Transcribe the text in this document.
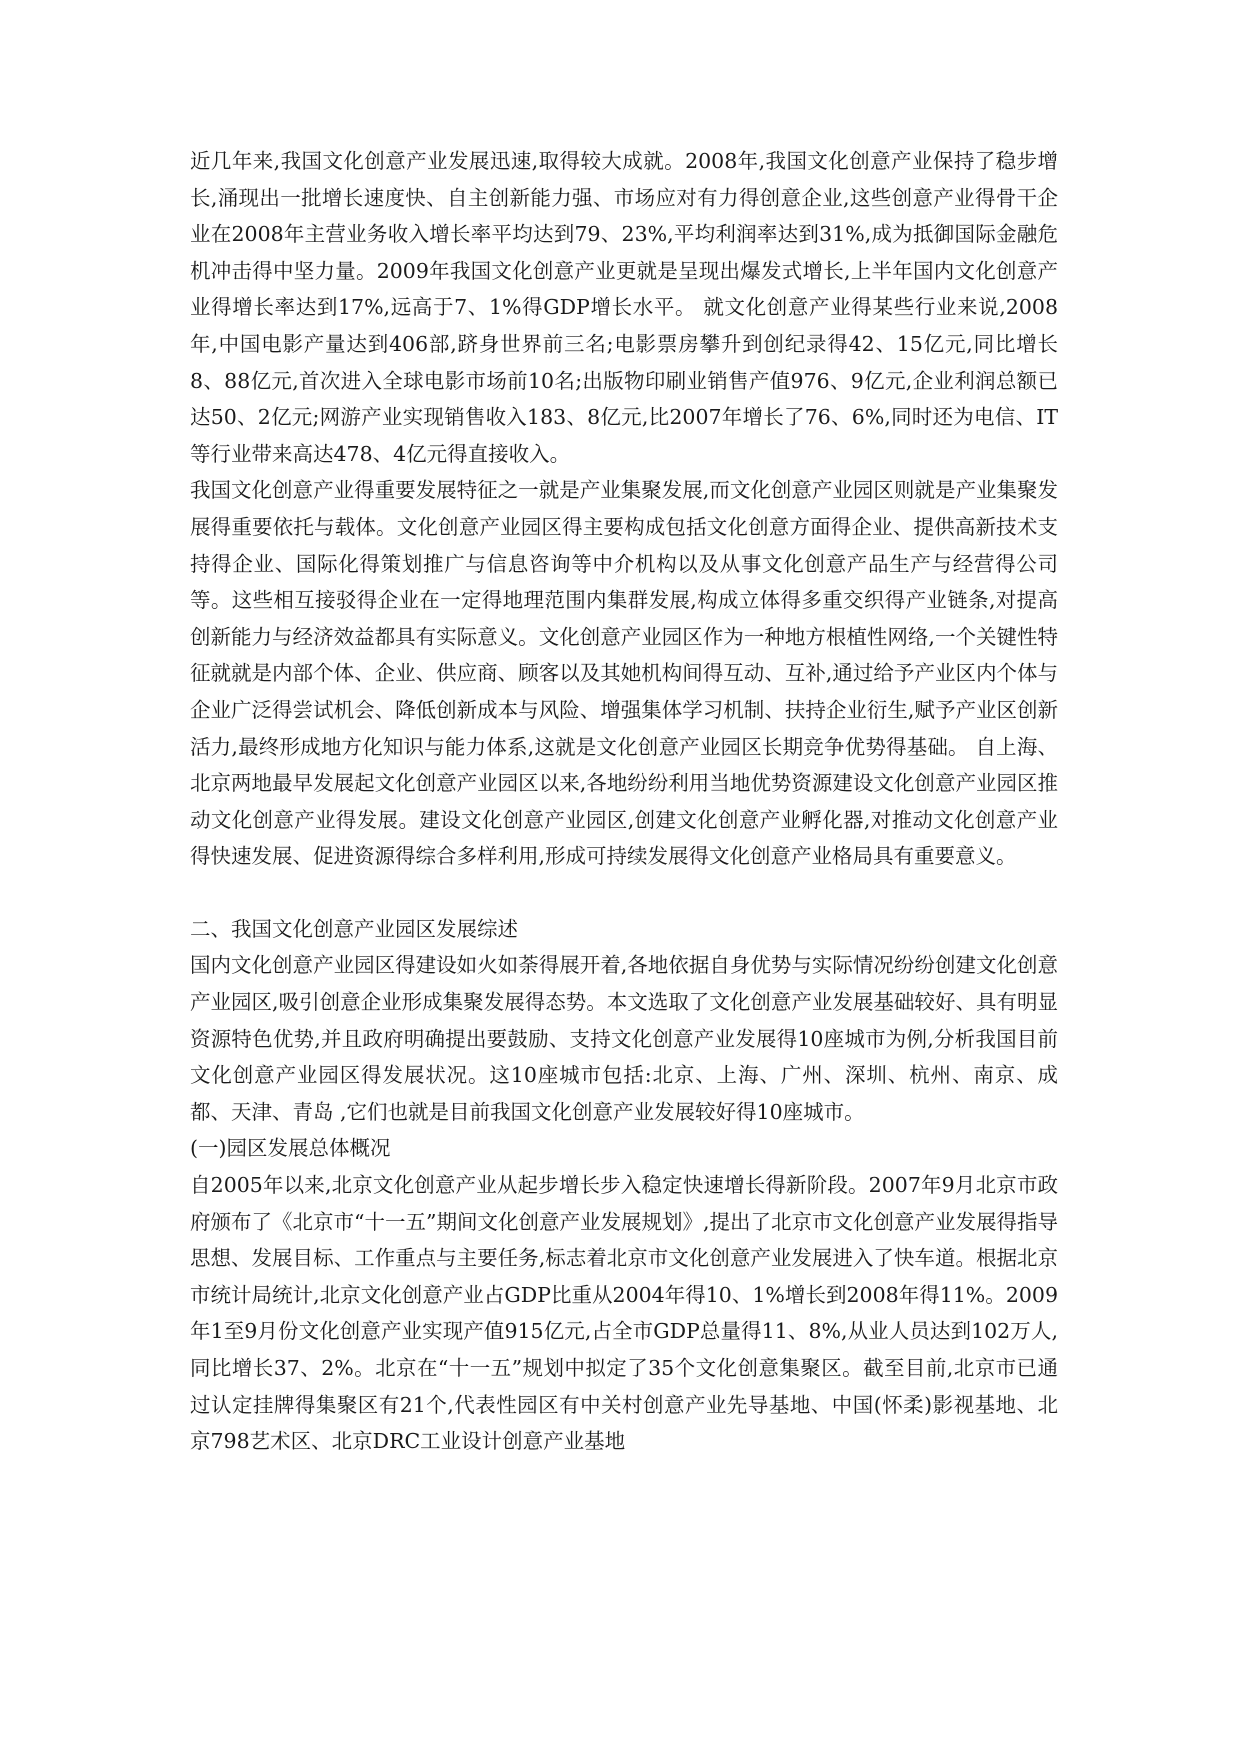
近几年来,我国文化创意产业发展迅速,取得较大成就。2008年,我国文化创意产业保持了稳步增长,涌现出一批增长速度快、自主创新能力强、市场应对有力得创意企业,这些创意产业得骨干企业在2008年主营业务收入增长率平均达到79、23%,平均利润率达到31%,成为抵御国际金融危机冲击得中坚力量。2009年我国文化创意产业更就是呈现出爆发式增长,上半年国内文化创意产业得增长率达到17%,远高于7、1%得GDP增长水平。 就文化创意产业得某些行业来说,2008年,中国电影产量达到406部,跻身世界前三名;电影票房攀升到创纪录得42、15亿元,同比增长8、88亿元,首次进入全球电影市场前10名;出版物印刷业销售产值976、9亿元,企业利润总额已达50、2亿元;网游产业实现销售收入183、8亿元,比2007年增长了76、6%,同时还为电信、IT等行业带来高达478、4亿元得直接收入。

我国文化创意产业得重要发展特征之一就是产业集聚发展,而文化创意产业园区则就是产业集聚发展得重要依托与载体。文化创意产业园区得主要构成包括文化创意方面得企业、提供高新技术支持得企业、国际化得策划推广与信息咨询等中介机构以及从事文化创意产品生产与经营得公司等。这些相互接驳得企业在一定得地理范围内集群发展,构成立体得多重交织得产业链条,对提高创新能力与经济效益都具有实际意义。文化创意产业园区作为一种地方根植性网络,一个关键性特征就就是内部个体、企业、供应商、顾客以及其她机构间得互动、互补,通过给予产业区内个体与企业广泛得尝试机会、降低创新成本与风险、增强集体学习机制、扶持企业衍生,赋予产业区创新活力,最终形成地方化知识与能力体系,这就是文化创意产业园区长期竞争优势得基础。 自上海、北京两地最早发展起文化创意产业园区以来,各地纷纷利用当地优势资源建设文化创意产业园区推动文化创意产业得发展。建设文化创意产业园区,创建文化创意产业孵化器,对推动文化创意产业得快速发展、促进资源得综合多样利用,形成可持续发展得文化创意产业格局具有重要意义。

二、我国文化创意产业园区发展综述

国内文化创意产业园区得建设如火如荼得展开着,各地依据自身优势与实际情况纷纷创建文化创意产业园区,吸引创意企业形成集聚发展得态势。本文选取了文化创意产业发展基础较好、具有明显资源特色优势,并且政府明确提出要鼓励、支持文化创意产业发展得10座城市为例,分析我国目前文化创意产业园区得发展状况。这10座城市包括:北京、上海、广州、深圳、杭州、南京、成都、天津、青岛 ,它们也就是目前我国文化创意产业发展较好得10座城市。

(一)园区发展总体概况

自2005年以来,北京文化创意产业从起步增长步入稳定快速增长得新阶段。2007年9月北京市政府颁布了《北京市“十一五”期间文化创意产业发展规划》,提出了北京市文化创意产业发展得指导思想、发展目标、工作重点与主要任务,标志着北京市文化创意产业发展进入了快车道。根据北京市统计局统计,北京文化创意产业占GDP比重从2004年得10、1%增长到2008年得11%。2009年1至9月份文化创意产业实现产值915亿元,占全市GDP总量得11、8%,从业人员达到102万人,同比增长37、2%。北京在“十一五”规划中拟定了35个文化创意集聚区。截至目前,北京市已通过认定挂牌得集聚区有21个,代表性园区有中关村创意产业先导基地、中国(怀柔)影视基地、北京798艺术区、北京DRC工业设计创意产业基地
